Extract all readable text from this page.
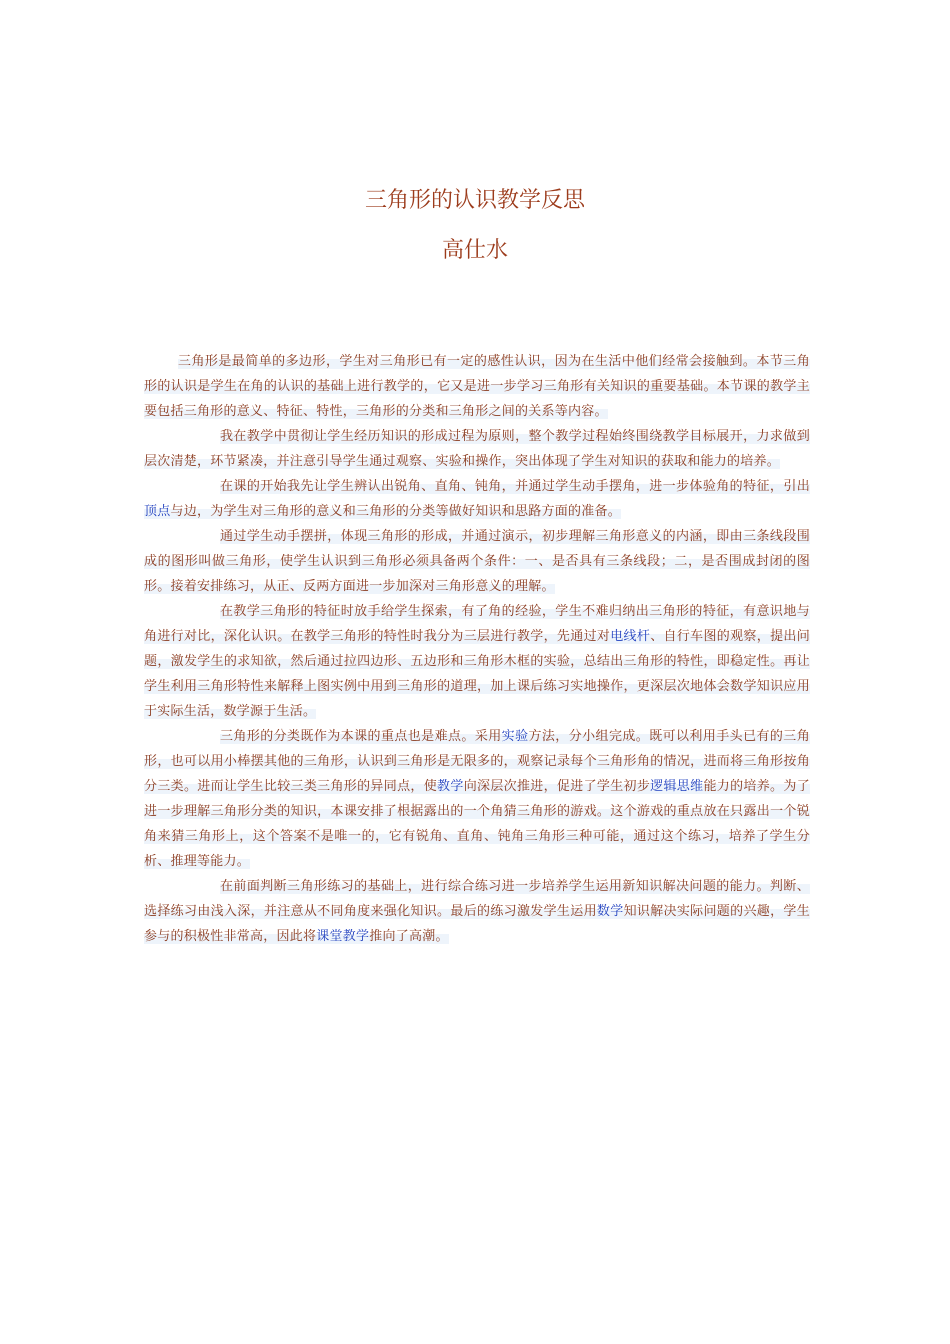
三角形的认识教学反思
高仕水

三角形是最简单的多边形，学生对三角形已有一定的感性认识，因为在生活中他们经常会接触到。本节三角形的认识是学生在角的认识的基础上进行教学的，它又是进一步学习三角形有关知识的重要基础。本节课的教学主要包括三角形的意义、特征、特性，三角形的分类和三角形之间的关系等内容。

我在教学中贯彻让学生经历知识的形成过程为原则，整个教学过程始终围绕教学目标展开，力求做到层次清楚，环节紧凑，并注意引导学生通过观察、实验和操作，突出体现了学生对知识的获取和能力的培养。

在课的开始我先让学生辨认出锐角、直角、钝角，并通过学生动手摆角，进一步体验角的特征，引出顶点与边，为学生对三角形的意义和三角形的分类等做好知识和思路方面的准备。

通过学生动手摆拼，体现三角形的形成，并通过演示，初步理解三角形意义的内涵，即由三条线段围成的图形叫做三角形，使学生认识到三角形必须具备两个条件：一、是否具有三条线段；二，是否围成封闭的图形。接着安排练习，从正、反两方面进一步加深对三角形意义的理解。

在教学三角形的特征时放手给学生探索，有了角的经验，学生不难归纳出三角形的特征，有意识地与角进行对比，深化认识。在教学三角形的特性时我分为三层进行教学，先通过对电线杆、自行车图的观察，提出问题，激发学生的求知欲，然后通过拉四边形、五边形和三角形木框的实验，总结出三角形的特性，即稳定性。再让学生利用三角形特性来解释上图实例中用到三角形的道理，加上课后练习实地操作，更深层次地体会数学知识应用于实际生活，数学源于生活。

三角形的分类既作为本课的重点也是难点。采用实验方法，分小组完成。既可以利用手头已有的三角形，也可以用小棒摆其他的三角形，认识到三角形是无限多的，观察记录每个三角形角的情况，进而将三角形按角分三类。进而让学生比较三类三角形的异同点，使教学向深层次推进，促进了学生初步逻辑思维能力的培养。为了进一步理解三角形分类的知识，本课安排了根据露出的一个角猜三角形的游戏。这个游戏的重点放在只露出一个锐角来猜三角形上，这个答案不是唯一的，它有锐角、直角、钝角三角形三种可能，通过这个练习，培养了学生分析、推理等能力。

在前面判断三角形练习的基础上，进行综合练习进一步培养学生运用新知识解决问题的能力。判断、选择练习由浅入深，并注意从不同角度来强化知识。最后的练习激发学生运用数学知识解决实际问题的兴趣，学生参与的积极性非常高，因此将课堂教学推向了高潮。
